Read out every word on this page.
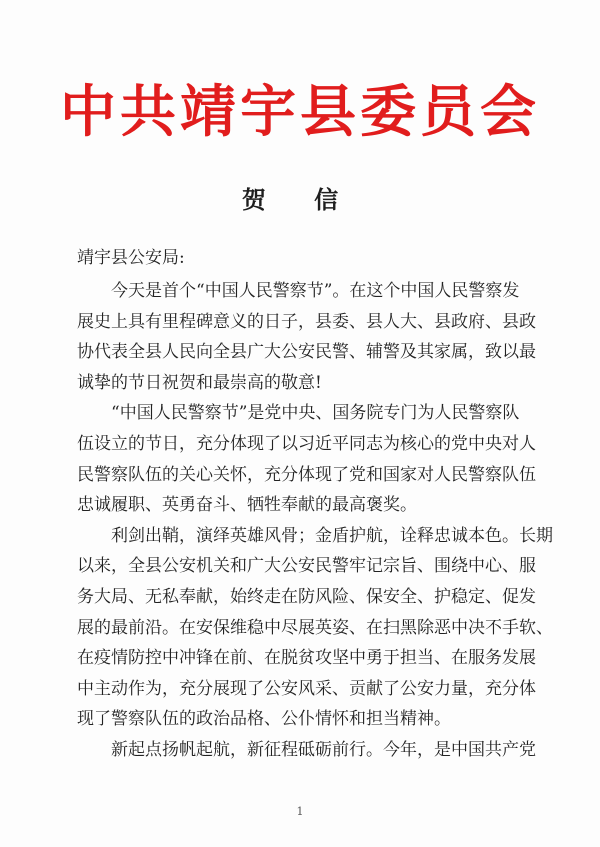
中共靖宇县委员会
贺 信
靖宇县公安局:
今天是首个“中国人民警察节”。在这个中国人民警察发
展史上具有里程碑意义的日子，县委、县人大、县政府、县政
协代表全县人民向全县广大公安民警、辅警及其家属，致以最
诚挚的节日祝贺和最崇高的敬意!
“中国人民警察节”是党中央、国务院专门为人民警察队
伍设立的节日，充分体现了以习近平同志为核心的党中央对人
民警察队伍的关心关怀，充分体现了党和国家对人民警察队伍
忠诚履职、英勇奋斗、牺牲奉献的最高褒奖。
利剑出鞘，演绎英雄风骨；金盾护航，诠释忠诚本色。长期
以来，全县公安机关和广大公安民警牢记宗旨、围绕中心、服
务大局、无私奉献，始终走在防风险、保安全、护稳定、促发
展的最前沿。在安保维稳中尽展英姿、在扫黑除恶中决不手软、
在疫情防控中冲锋在前、在脱贫攻坚中勇于担当、在服务发展
中主动作为，充分展现了公安风采、贡献了公安力量，充分体
现了警察队伍的政治品格、公仆情怀和担当精神。
新起点扬帆起航，新征程砥砺前行。今年，是中国共产党
1
